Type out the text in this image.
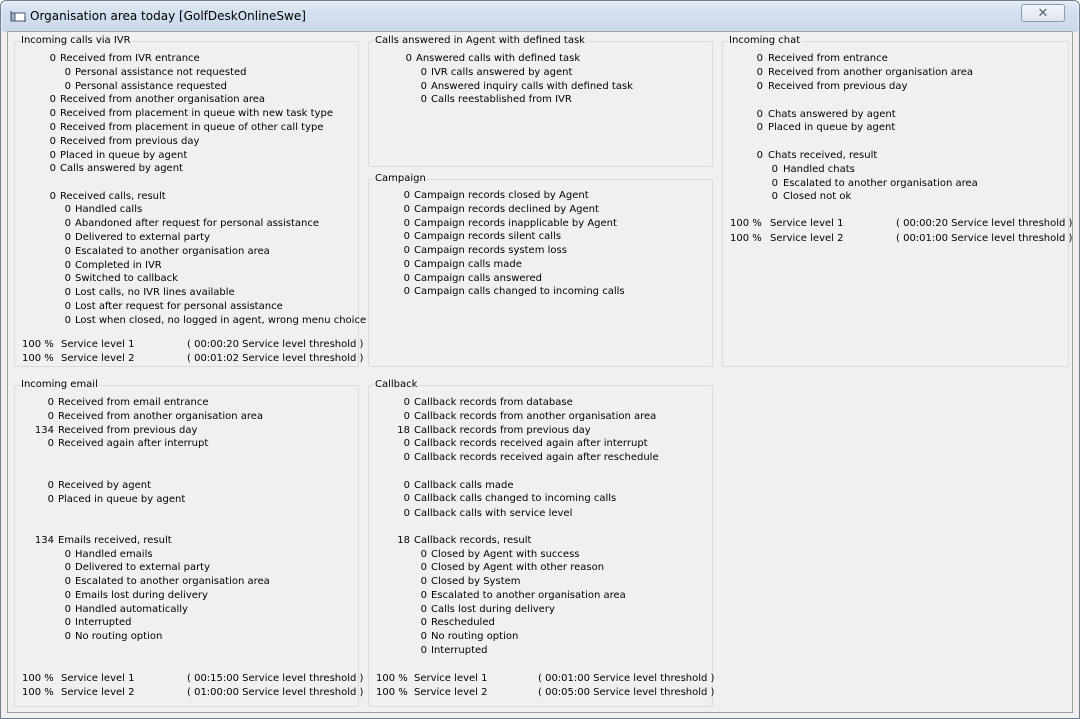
Organisation area today [GolfDeskOnlineSwe]	✕
Incoming calls via IVR
0 Received from IVR entrance
0 Personal assistance not requested
0 Personal assistance requested
0 Received from another organisation area
0 Received from placement in queue with new task type
0 Received from placement in queue of other call type
0 Received from previous day
0 Placed in queue by agent
0 Calls answered by agent
0 Received calls, result
0 Handled calls
0 Abandoned after request for personal assistance
0 Delivered to external party
0 Escalated to another organisation area
0 Completed in IVR
0 Switched to callback
0 Lost calls, no IVR lines available
0 Lost after request for personal assistance
0 Lost when closed, no logged in agent, wrong menu choice
100 % Service level 1	( 00:00:20 Service level threshold )
100 % Service level 2	( 00:01:02 Service level threshold )
Calls answered in Agent with defined task
0 Answered calls with defined task
0 IVR calls answered by agent
0 Answered inquiry calls with defined task
0 Calls reestablished from IVR
Campaign
0 Campaign records closed by Agent
0 Campaign records declined by Agent
0 Campaign records inapplicable by Agent
0 Campaign records silent calls
0 Campaign records system loss
0 Campaign calls made
0 Campaign calls answered
0 Campaign calls changed to incoming calls
Incoming chat
0 Received from entrance
0 Received from another organisation area
0 Received from previous day
0 Chats answered by agent
0 Placed in queue by agent
0 Chats received, result
0 Handled chats
0 Escalated to another organisation area
0 Closed not ok
100 % Service level 1	( 00:00:20 Service level threshold )
100 % Service level 2	( 00:01:00 Service level threshold )
Incoming email
0 Received from email entrance
0 Received from another organisation area
134 Received from previous day
0 Received again after interrupt
0 Received by agent
0 Placed in queue by agent
134 Emails received, result
0 Handled emails
0 Delivered to external party
0 Escalated to another organisation area
0 Emails lost during delivery
0 Handled automatically
0 Interrupted
0 No routing option
100 % Service level 1	( 00:15:00 Service level threshold )
100 % Service level 2	( 01:00:00 Service level threshold )
Callback
0 Callback records from database
0 Callback records from another organisation area
18 Callback records from previous day
0 Callback records received again after interrupt
0 Callback records received again after reschedule
0 Callback calls made
0 Callback calls changed to incoming calls
0 Callback calls with service level
18 Callback records, result
0 Closed by Agent with success
0 Closed by Agent with other reason
0 Closed by System
0 Escalated to another organisation area
0 Calls lost during delivery
0 Rescheduled
0 No routing option
0 Interrupted
100 % Service level 1	( 00:01:00 Service level threshold )
100 % Service level 2	( 00:05:00 Service level threshold )
